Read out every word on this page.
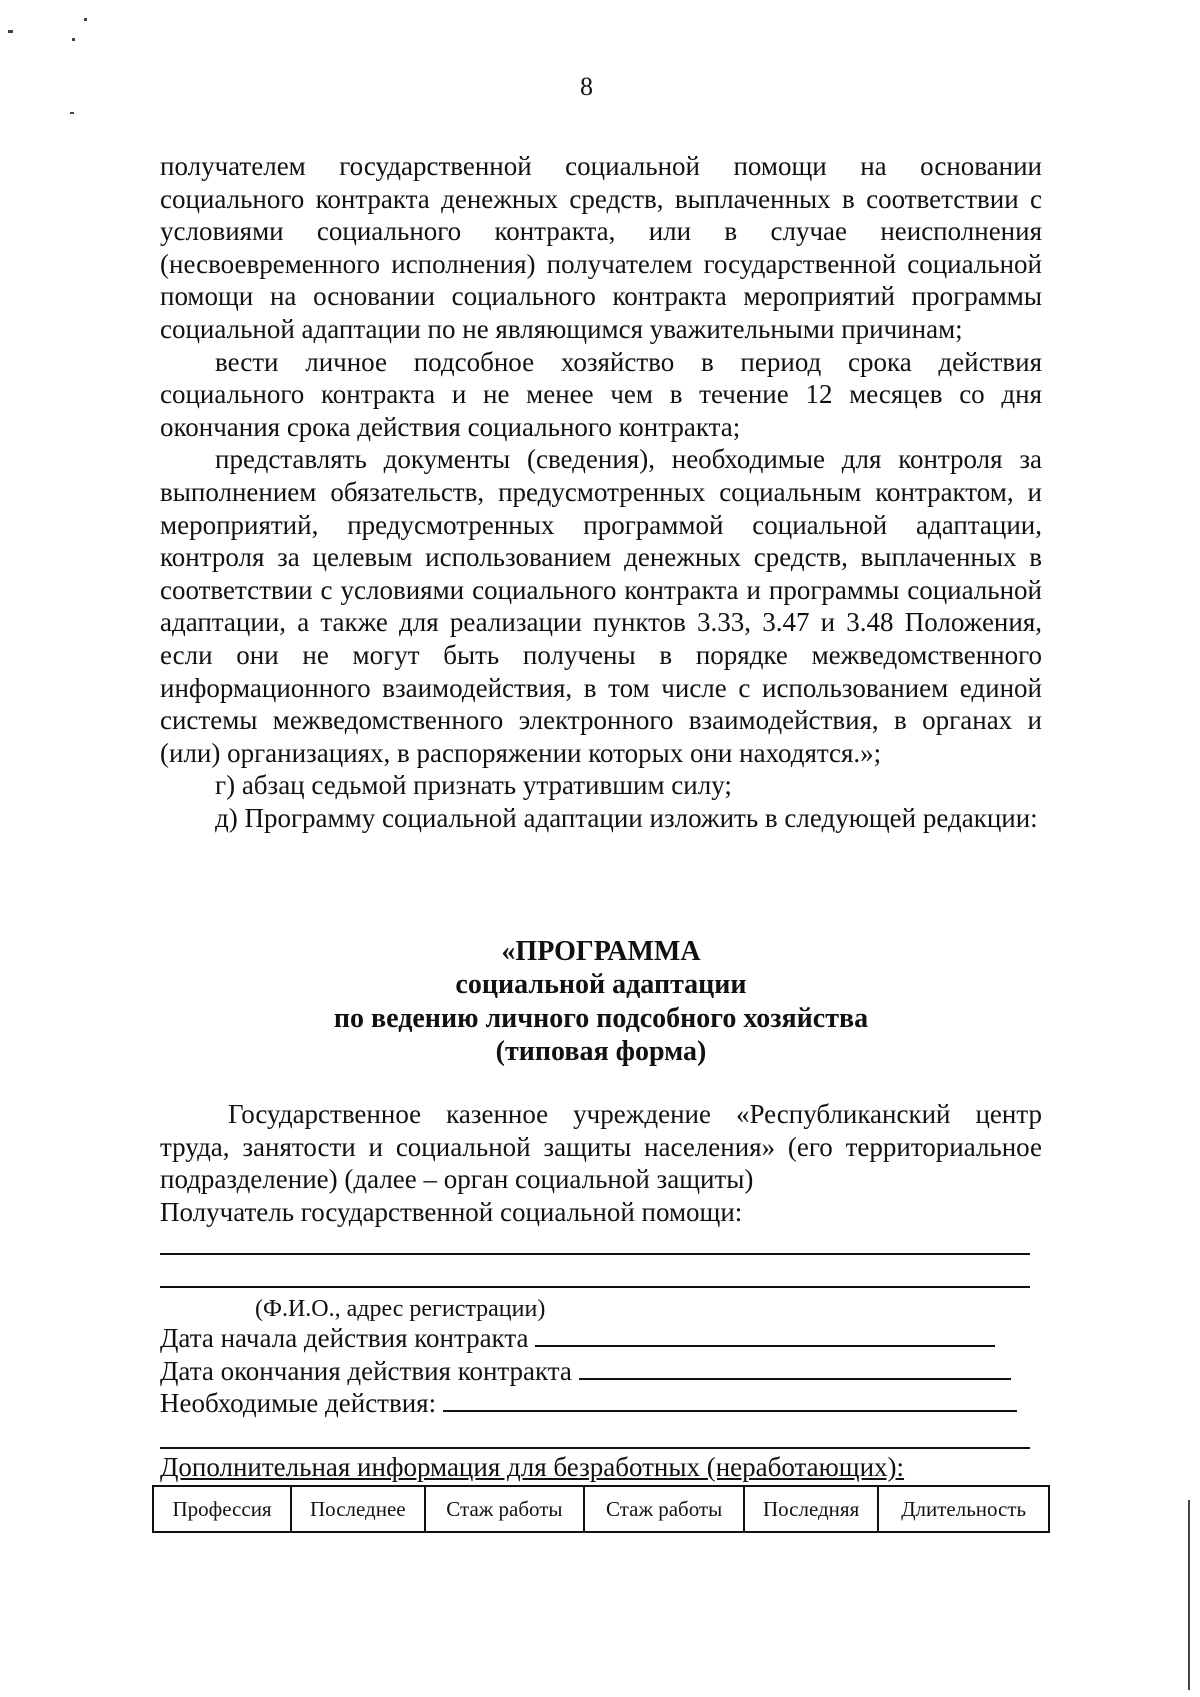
8

получателем государственной социальной помощи на основании социального контракта денежных средств, выплаченных в соответствии с условиями социального контракта, или в случае неисполнения (несвоевременного исполнения) получателем государственной социальной помощи на основании социального контракта мероприятий программы социальной адаптации по не являющимся уважительными причинам;

вести личное подсобное хозяйство в период срока действия социального контракта и не менее чем в течение 12 месяцев со дня окончания срока действия социального контракта;

представлять документы (сведения), необходимые для контроля за выполнением обязательств, предусмотренных социальным контрактом, и мероприятий, предусмотренных программой социальной адаптации, контроля за целевым использованием денежных средств, выплаченных в соответствии с условиями социального контракта и программы социальной адаптации, а также для реализации пунктов 3.33, 3.47 и 3.48 Положения, если они не могут быть получены в порядке межведомственного информационного взаимодействия, в том числе с использованием единой системы межведомственного электронного взаимодействия, в органах и (или) организациях, в распоряжении которых они находятся.»;

г) абзац седьмой признать утратившим силу;

д) Программу социальной адаптации изложить в следующей редакции:

«ПРОГРАММА
социальной адаптации
по ведению личного подсобного хозяйства
(типовая форма)

Государственное казенное учреждение «Республиканский центр труда, занятости и социальной защиты населения» (его территориальное подразделение) (далее – орган социальной защиты)

Получатель государственной социальной помощи:

(Ф.И.О., адрес регистрации)
Дата начала действия контракта
Дата окончания действия контракта
Необходимые действия:
Дополнительная информация для безработных (неработающих):
Профессия	Последнее	Стаж работы	Стаж работы	Последняя	Длительность
